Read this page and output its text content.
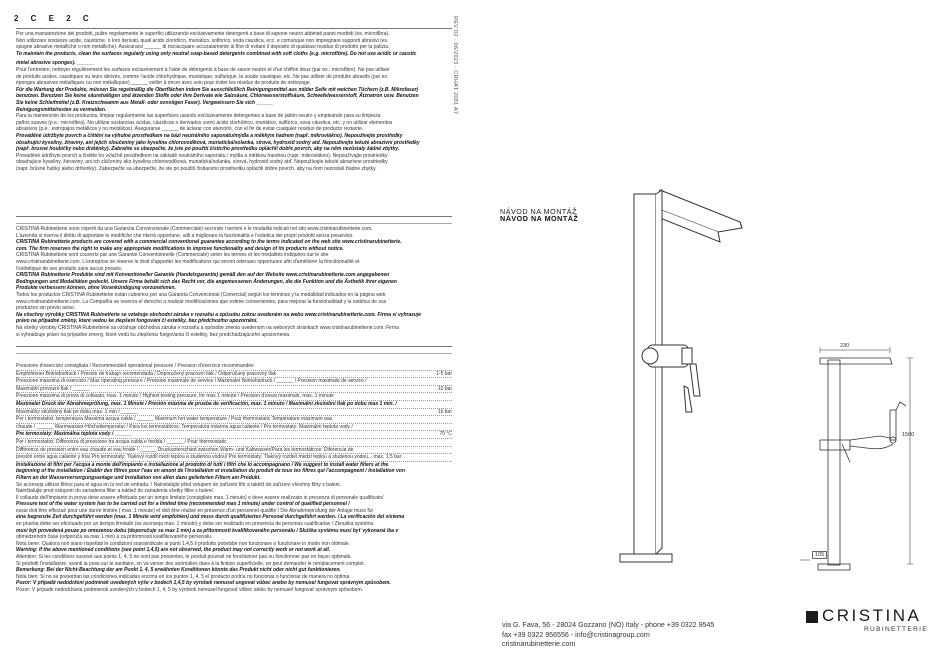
2 C E 2 C	REV 02 · 06/2023 · CRHAT 2081 A7

Per una manutenzione dei prodotti, pulire regolarmente le superfici utilizzando esclusivamente detergenti a base di sapone neutro abbinati panni morbidi (es. microfibra).

Non utilizzare sostanze acide, caustiche, o loro derivati, quali acido cloridrico, muriatico, solforico, soda caustica, ecc. e comunque non impregnare supporti abrasivi (es.

spugne abrasive metalliche o non metalliche). Assicurarsi ______ di risciacquare accuratamente al fine di evitare il deposito di qualsiasi residuo di prodotto per la pulizia.

To maintain the products, clean the surfaces regularly using only neutral soap-based detergents combined with soft cloths (e.g. microfibre). Do not use acidic or caustic

metal abrasive sponges). ______

Pour l'entretien, nettoyer régulièrement les surfaces exclusivement à l'aide de détergents à base de savon neutre et d'un chiffon doux (par ex.: microfibre). Ne pas utiliser

de produits acides, caustiques ou leurs dérivés, comme l'acide chlorhydrique, muriatique, sulfurique, la soude caustique, etc. Ne pas utiliser de produits abrasifs (par ex.

éponges abrasives métalliques ou non métalliques) ______ veiller à rincer avec soin pour éviter les résidus de produits de nettoyage.

Für die Wartung der Produkte, müssen Sie regelmäßig die Oberflächen indem Sie ausschließlich Reinigungsmittel aus milder Seife mit weichen Tüchern (z.B. Mikrofaser)

benutzen. Benutzen Sie keine säurehaltigen und ätzenden Stoffe oder ihre Derivate wie Salzsäure, Chlorwasserstoffsäure, Schwefelwasserstoff, Ätznatron usw. Benutzen

Sie keine Schleifmittel (z.B. Kratzschwamm aus Metall- oder sonstigen Faser). Vergewissern Sie sich ______

Reinigungsmittelresten zu vermeiden.

Para la mantención de los productos, limpiar regularmente las superficies usando exclusivamente detergentes a base de jabón neutro y empleando para su limpieza

paños suaves (p.e.: microfibra). No utilizar sustancias ácidas, cáusticas o derivados como ácido clorhídrico, muriático, sulfúrico, sosa cáustica, etc. y no utilizar elementos

abrasivos (p.e.: estropajos metálicos y no metálicos). Asegurarse ______ de aclarar con atención, con el fin de evitar cualquier residuo de producto restante.

Prováděné údržbyte povrch a čištění na výhulné prostředkem na bázi neutrálního saponátu/mýdla a měkkým hadrem (např. mikrovlákno). Nepoužívejte prostředky

obsahující kyseliny, žíraviny, ani jejich sloučeniny jako kyselina chlorovodíková, muriatická/solanka, sírová, hydroxid sodný atd. Nepoužívejte tekuté abrazivní prostředky

(např. brusné houbičky nebo drátěnky). Zabraňte se ubezpečte, že jste po použití čisticího prostředku opláchli dobře povrch, aby na něm nezůstaly žádné zbytky.

Prováděné údržbyte povrch a čistěte ho výlučně prostředkem na základě neutrálního saponátu / mýdla a měkkou handrou (napr. mikrovlákno). Nepoužívajte prostriedky

obsahujúce kyseliny, žieraviny, ani ich zlúčeniny ako kyselina chlorovodíková, muriatická/solanka, sírová, hydroxid sodný atď. Nepoužívajte tekuté abrazívne prostriedky

(napr. brúsne hubky alebo drôtenky). Zabezpečte sa ubezpečte, že ste po použití čistiaceho prostriedku opláchli dobre povrch, aby na ňom nezostali žiadne zbytky.

CRISTINA Rubinetterie sono coperti da una Garanzia Convenzionale (Commerciale) secondo i termini e le modalità indicati nel sito www.cristinarubinetterie.com.

L'azienda si riserva il diritto di apportare le modifiche che riterrà opportune, utili a migliorare la funzionalità e l'estetica dei propri prodotti senza preavviso.

CRISTINA Rubinetterie products are covered with a commercial conventional guarantee according to the terms indicated on the web site www.cristinarubinetterie.

com. The firm reserves the right to make any appropriate modifications to improve functionality and design of its products without notice.

CRISTINA Rubinetterie sont couverts par une Garantie Conventionnelle (Commerciale) selon les termes et les modalités indiquées sur le site

www.cristinarubinetterie.com. L'entreprise se réserve le droit d'apporter les modifications qui seront retenues opportunes afin d'améliorer la fonctionnalité et

l'esthétique de ses produits sans aucun préavis.

CRISTINA Rubinetterie Produkte sind mit Konventioneller Garantie (Handelsgarantie) gemäß den auf der Website www.cristinarubinetterie.com angegebenen

Bedingungen und Modalitäten gedeckt. Unsere Firma behält sich das Recht vor, die angemessenen Änderungen, die die Funktion und die Ästhetik ihrer eigenen

Produkte verbessern können, ohne Vorankündigung vorzunehmen.

Todos los productos CRISTINA Rubinetterie están cubiertos por una Garantía Convencional (Comercial) según los términos y la modalidad indicados en la página web

www.cristinarubinetterie.com. La Compañía se reserva el derecho a realizar modificaciones que estime convenientes, para mejorar la funcionalidad y la estética de sus

productos sin previo aviso.

Na všechny výrobky CRISTINA Rubinetterie se vztahuje obchodní záruka v rozsahu a způsobu zoknu uvedeném na webu www.cristinarubinetterie.com. Firma si vyhrazuje

právo na případné změny, které vedou ke zlepšení fungování či estetiky, bez předchozího upozornění.

Na všetky výrobky CRISTINA Rubinetterie sa vzťahuje obchodná záruka v rozsahu a spôsobe znenia uvedenom na webových stránkach www.cristinarubinetterie.com. Firma

si vyhradzuje právo na prípadné zmeny, ktoré vedú ku zlepšeniu fungovania či estetiky, bez predchádzajúceho upozornenia.

Pressione d'esercizio consigliata / Recommended operational pressure / Pression d'exercice recommandée
Empfohlener Betriebsdruck / Presión de trabajo recomendada / Doporučený pracovní tlak / Odporúčaný pracovný tlak	1-5 bar
Pressione massima di esercizio / Max operating pressure / Pression maximale de service / Maximaler Betriebsdruck / ______ / Pression maximale de service /
Maximální provozní tlak / ______	10 bar
Pressione massima di prova di collaudo, max. 1 minuto / Highest testing pressure, for max 1 minute / Pression d'essai maximale, max. 1 minute
Maximaler Druck der Abnahmeprüfung, max. 1 Minute / Presión máxima de prueba de verificación, max. 1 minuto / Maximální zkušební tlak po dobu max 1 min. /
Maximálny skúšobný tlak po dobu max. 1 min / ______	16 bar
Per i termostatici: temperatura Massima acqua calda / ______ Maximum hot water temperature / Pour thermostatic Température maximum eau
chaude / ______ Warmwasser-Höchsttemperatur / Para los termostáticos: Temperatura máxima agua caliente / Pro termostaty: Maximální teplota vody /
Pre termostaty: Maximálna teplota vody / ______	70 °C
Per i termostatici: Differenza di pressione tra acqua calda e fredda / ______ / Pour thermostatic
Différence de pression entre eau chaude et eau froide / ______ Druckunterschied zwischen Warm- und Kaltwasser/Para los termostáticos: Diferencia de
presión entre agua caliente y fría/ Pro termostaty: Tlakový rozdíl mezi teplou a studenou vodou/ Pre termostaty: Tlakový rozdiel medzi teplou a studenou vodou... max. 1,5 bar

Installazione di filtri per l'acqua a monte dell'impianto e installazione al prodotto di tutti i filtri che lo accompagnano / We suggest to install water filters at the

beginning of the installation / Établir des filtres pour l'eau en amont de l'installation et installation du produit de tous les filtres qui l'accompagnent / Installation von

Filtern an der Wasserversorgungsanlage und Installation von allen dazu gelieferten Filtern am Produkt.

Se aconseja utilizar filtros para el agua en la red de entrada. / Nainstalujte před vstupem do zařízení filtr a taktéž do zařízení všechny filtry s baleni.

Nainštalujte pred vstupom do zariadenia filter a taktiež do zariadenia všetky filtre s balení.

Il collaudo dell'impianto in prova deve essere effettuato per un tempo limitato (consigliato max. 1 minuto) e deve essere realizzato in presenza di personale qualificato/

Pressure test of the water system has to be carried out for a limited time (recommended max 1 minute) under control of qualified personnel /

essai doit être effectué pour une durée limitée ( max. 1 minute) et doit être réalisé en présence d'un personnel qualifié / Die Abnahmeprüfung der Anlage muss für

eine begrenzte Zeit durchgeführt werden (max. 1 Minute wird empfohlen) und muss durch qualifiziertes Personal durchgeführt werden. / La verificación del sistema

en prueba debe ser efectuado por un tiempo limitado (se aconseja max. 1 minuto) y debe ser realizado en presencia de personas cualificadas / Zkouška systému

musí být provedená pouze po omezenou dobu (doporučuje se max 1 min) a za přítomnosti kvalifikovaného personálu / Skúška systému musí byť vykonaná iba v

obmedzenom čase (odporúča sa max 1 min) a za prítomnosti kvalifikovaného personálu.

Nota bene: Qualora non siano rispettati le condizioni sopraindicate ai punti 1,4,5 il prodotto potrebbe non funzionare o funzionare in modo non ottimale.

Warning: If the above mentioned conditions (see point 1,4,5) are not observed, the product may not correctly work or not work at all.

Attention: Si les conditions susvisé aux points 1, 4, 5 ne sont pas présentes, le produit pourrait ne fonctionner pas ou fonctionner pas en façon optimale.

Si prodotti l'installatore, avanti la pose sur le sanitaire, on va verser des anomalies dues à la finition superficielle, on peut demander le remplacement complet.

Bemerkung: Bei der Nicht-Beachtung der am Punkt 1, 4, 5 erwähnten Konditionen könnte das Produkt nicht oder nicht gut funktionieren.

Nota bien: Si no se presentan las condiciones indicadas encima en los puntos 1, 4, 5 el producto podría no funcionar o funcionar de manera no óptima.

Pozor: V případě nedodržení podmínek uvedených výše v bodech 1,4,5 by výrobek nemusel ungovat vůbec anebo by nemusel fungovat správným způsobem.

Pozor: V prípade nedodržania podmienok uvedených v bodoch 1, 4, 5 by výrobok nemusel fungovať vôbec alebo by nemusel fungovať správnym spôsobom.

NÁVOD NA MONTÁŽ
NÁVOD NA MONTÁŽ
230
1500
105
via G. Fava, 56 - 28024 Gozzano (NO) Italy - phone +39 0322 9545
fax +39 0322 956556 - info@cristinagroup.com
cristinarubinetterie.com
CRISTINA
RUBINETTERIE
